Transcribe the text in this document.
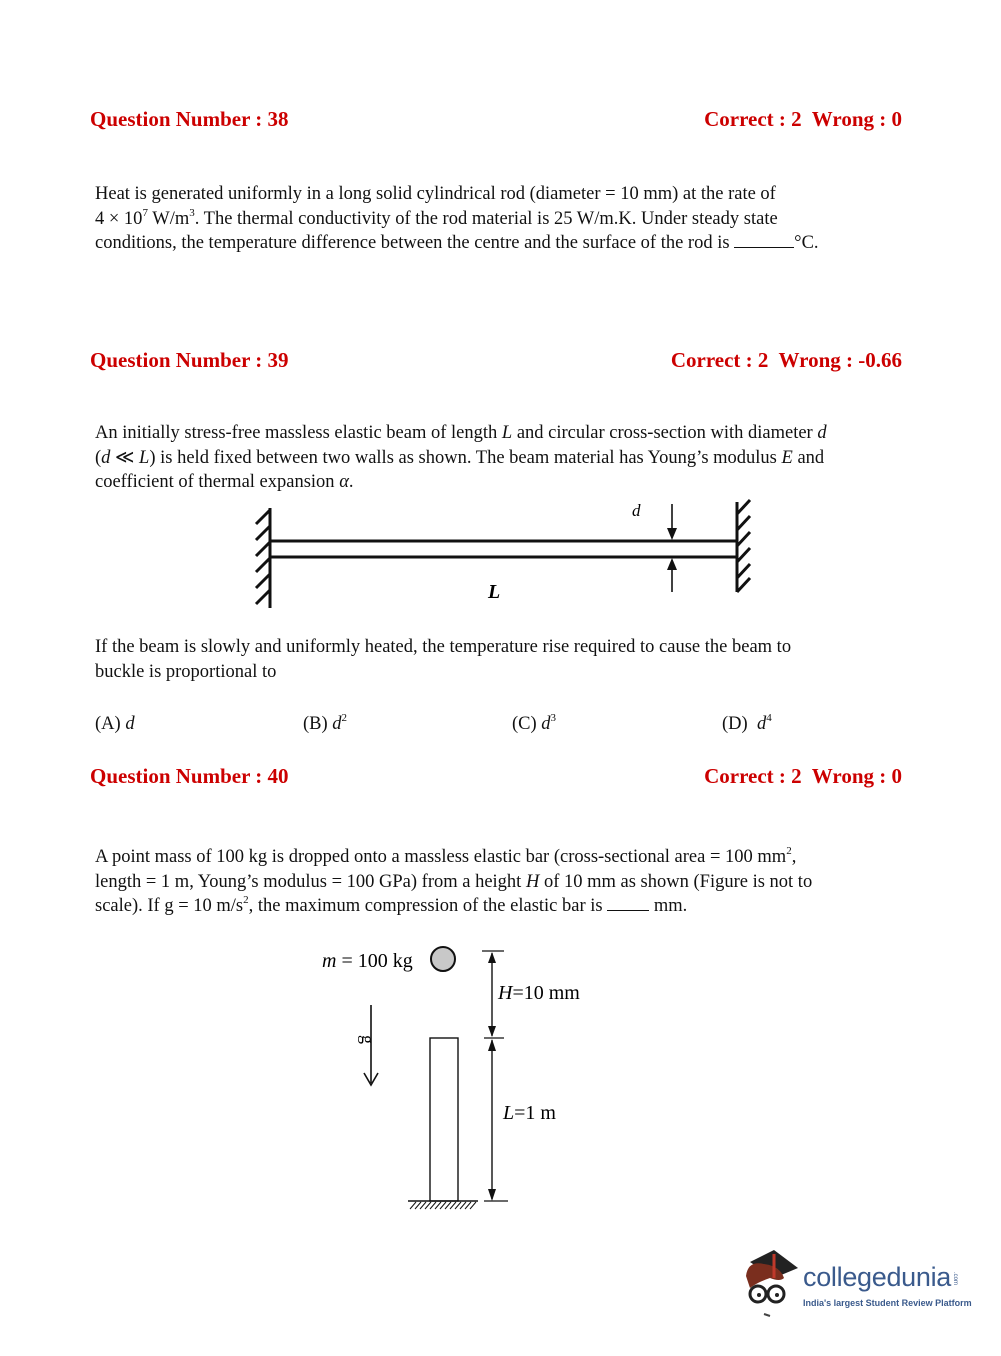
Question Number : 38	Correct : 2  Wrong : 0

Heat is generated uniformly in a long solid cylindrical rod (diameter = 10 mm) at the rate of

$4 \times 10^7$ $W/m^3$. The thermal conductivity of the rod material is 25 W/m.K. Under steady state

conditions, the temperature difference between the centre and the surface of the rod is	°C.

Question Number : 39	Correct : 2  Wrong : -0.66

An initially stress-free massless elastic beam of length L and circular cross-section with diameter d

(d ≪ L) is held fixed between two walls as shown. The beam material has Young’s modulus E and

coefficient of thermal expansion α.

d
L

If the beam is slowly and uniformly heated, the temperature rise required to cause the beam to

buckle is proportional to

(A) d	(B) $d^2$	(C) $d^3$	(D)  $d^4$
Question Number : 40	Correct : 2  Wrong : 0

A point mass of 100 kg is dropped onto a massless elastic bar (cross-sectional area = 100 $mm^2$,

length = 1 m, Young’s modulus = 100 GPa) from a height H of 10 mm as shown (Figure is not to

scale). If g = 10 $m/s^2$, the maximum compression of the elastic bar is	mm.

m = 100 kg
g
H=10 mm
L=1 m
collegedunia .com
India's largest Student Review Platform
